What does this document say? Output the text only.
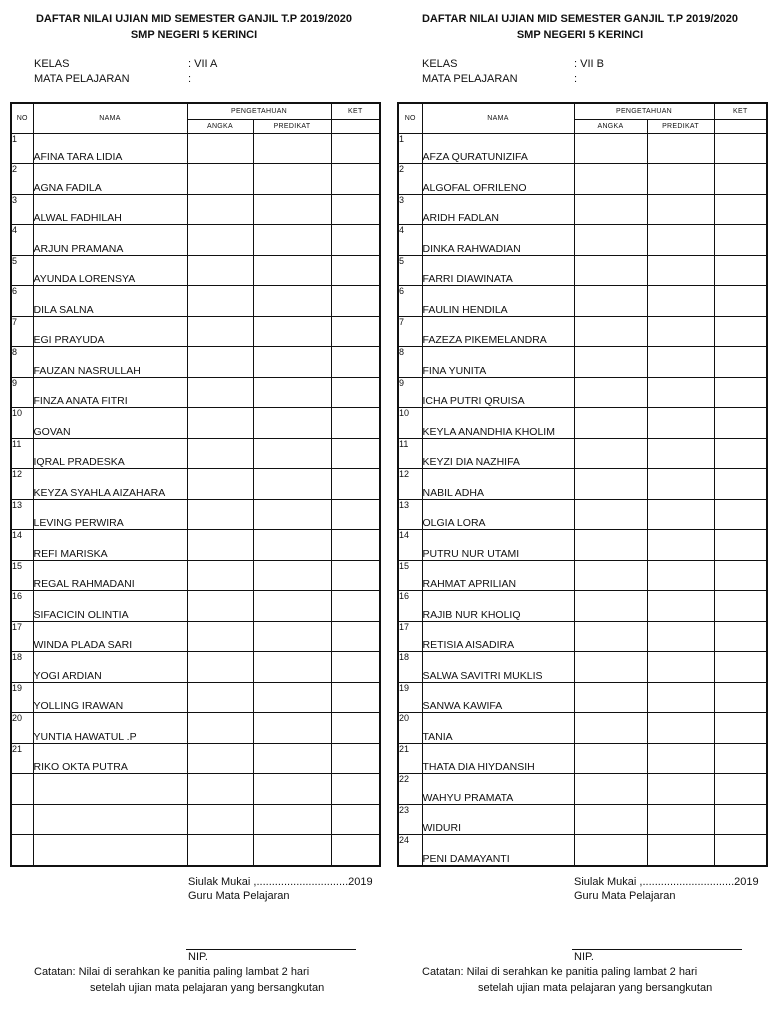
DAFTAR NILAI UJIAN MID SEMESTER GANJIL T.P 2019/2020
SMP NEGERI 5 KERINCI
KELAS	: VII A
MATA PELAJARAN	:
NO	NAMA	PENGETAHUAN		KET
		ANGKA	PREDIKAT	
1	AFINA TARA LIDIA			
2	AGNA FADILA			
3	ALWAL FADHILAH			
4	ARJUN PRAMANA			
5	AYUNDA LORENSYA			
6	DILA SALNA			
7	EGI PRAYUDA			
8	FAUZAN NASRULLAH			
9	FINZA ANATA FITRI			
10	GOVAN			
11	IQRAL PRADESKA			
12	KEYZA SYAHLA AIZAHARA			
13	LEVING PERWIRA			
14	REFI MARISKA			
15	REGAL RAHMADANI			
16	SIFACICIN OLINTIA			
17	WINDA PLADA SARI			
18	YOGI ARDIAN			
19	YOLLING IRAWAN			
20	YUNTIA HAWATUL .P			
21	RIKO OKTA PUTRA			

Siulak Mukai ,..............................2019
Guru Mata Pelajaran
NIP.
Catatan: Nilai di serahkan ke panitia paling lambat 2 hari
setelah ujian mata pelajaran yang bersangkutan
DAFTAR NILAI UJIAN MID SEMESTER GANJIL T.P 2019/2020
SMP NEGERI 5 KERINCI
KELAS	: VII B
MATA PELAJARAN	:
NO	NAMA	PENGETAHUAN		KET
		ANGKA	PREDIKAT	
1	AFZA QURATUNIZIFA			
2	ALGOFAL OFRILENO			
3	ARIDH FADLAN			
4	DINKA RAHWADIAN			
5	FARRI DIAWINATA			
6	FAULIN HENDILA			
7	FAZEZA PIKEMELANDRA			
8	FINA YUNITA			
9	ICHA PUTRI QRUISA			
10	KEYLA ANANDHIA KHOLIM			
11	KEYZI DIA NAZHIFA			
12	NABIL ADHA			
13	OLGIA LORA			
14	PUTRU NUR UTAMI			
15	RAHMAT APRILIAN			
16	RAJIB NUR KHOLIQ			
17	RETISIA AISADIRA			
18	SALWA SAVITRI MUKLIS			
19	SANWA KAWIFA			
20	TANIA			
21	THATA DIA HIYDANSIH			
22	WAHYU PRAMATA			
23	WIDURI			
24	PENI DAMAYANTI			
Siulak Mukai ,..............................2019
Guru Mata Pelajaran
NIP.
Catatan: Nilai di serahkan ke panitia paling lambat 2 hari
setelah ujian mata pelajaran yang bersangkutan
